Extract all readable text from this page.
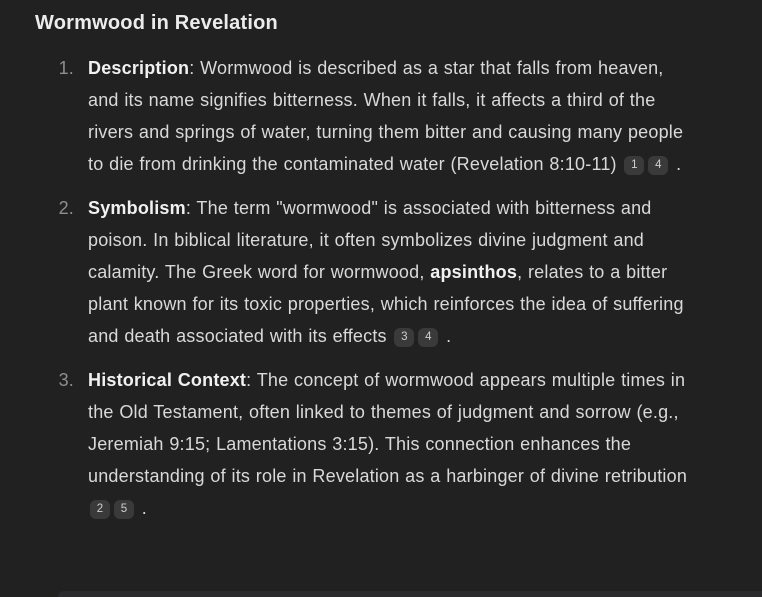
Wormwood in Revelation
1. Description: Wormwood is described as a star that falls from heaven, and its name signifies bitterness. When it falls, it affects a third of the rivers and springs of water, turning them bitter and causing many people to die from drinking the contaminated water (Revelation 8:10-11) 1 4 .
2. Symbolism: The term "wormwood" is associated with bitterness and poison. In biblical literature, it often symbolizes divine judgment and calamity. The Greek word for wormwood, apsinthos, relates to a bitter plant known for its toxic properties, which reinforces the idea of suffering and death associated with its effects 3 4 .
3. Historical Context: The concept of wormwood appears multiple times in the Old Testament, often linked to themes of judgment and sorrow (e.g., Jeremiah 9:15; Lamentations 3:15). This connection enhances the understanding of its role in Revelation as a harbinger of divine retribution 2 5 .
